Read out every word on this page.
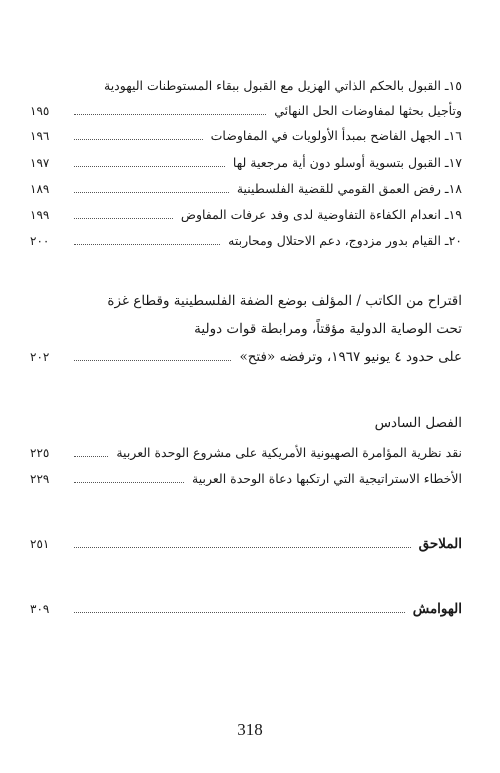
١٥ـ القبول بالحكم الذاتي الهزيل مع القبول ببقاء المستوطنات اليهودية
وتأجيل بحثها لمفاوضات الحل النهائي
١٩٥
١٦ـ الجهل الفاضح بمبدأ الأولويات في المفاوضات
١٩٦
١٧ـ القبول بتسوية أوسلو دون أية مرجعية لها
١٩٧
١٨ـ رفض العمق القومي للقضية الفلسطينية
١٨٩
١٩ـ انعدام الكفاءة التفاوضية لدى وفد عرفات المفاوض
١٩٩
٢٠ـ القيام بدور مزدوج، دعم الاحتلال ومحاربته
٢٠٠
اقتراح من الكاتب / المؤلف بوضع الضفة الفلسطينية وقطاع غزة
تحت الوصاية الدولية مؤقتاً، ومرابطة قوات دولية
على حدود ٤ يونيو ١٩٦٧، وترفضه «فتح»
٢٠٢
الفصل السادس
نقد نظرية المؤامرة الصهيونية الأمريكية على مشروع الوحدة العربية
٢٢٥
الأخطاء الاستراتيجية التي ارتكبها دعاة الوحدة العربية
٢٢٩
الملاحق
٢٥١
الهوامش
٣٠٩
318
